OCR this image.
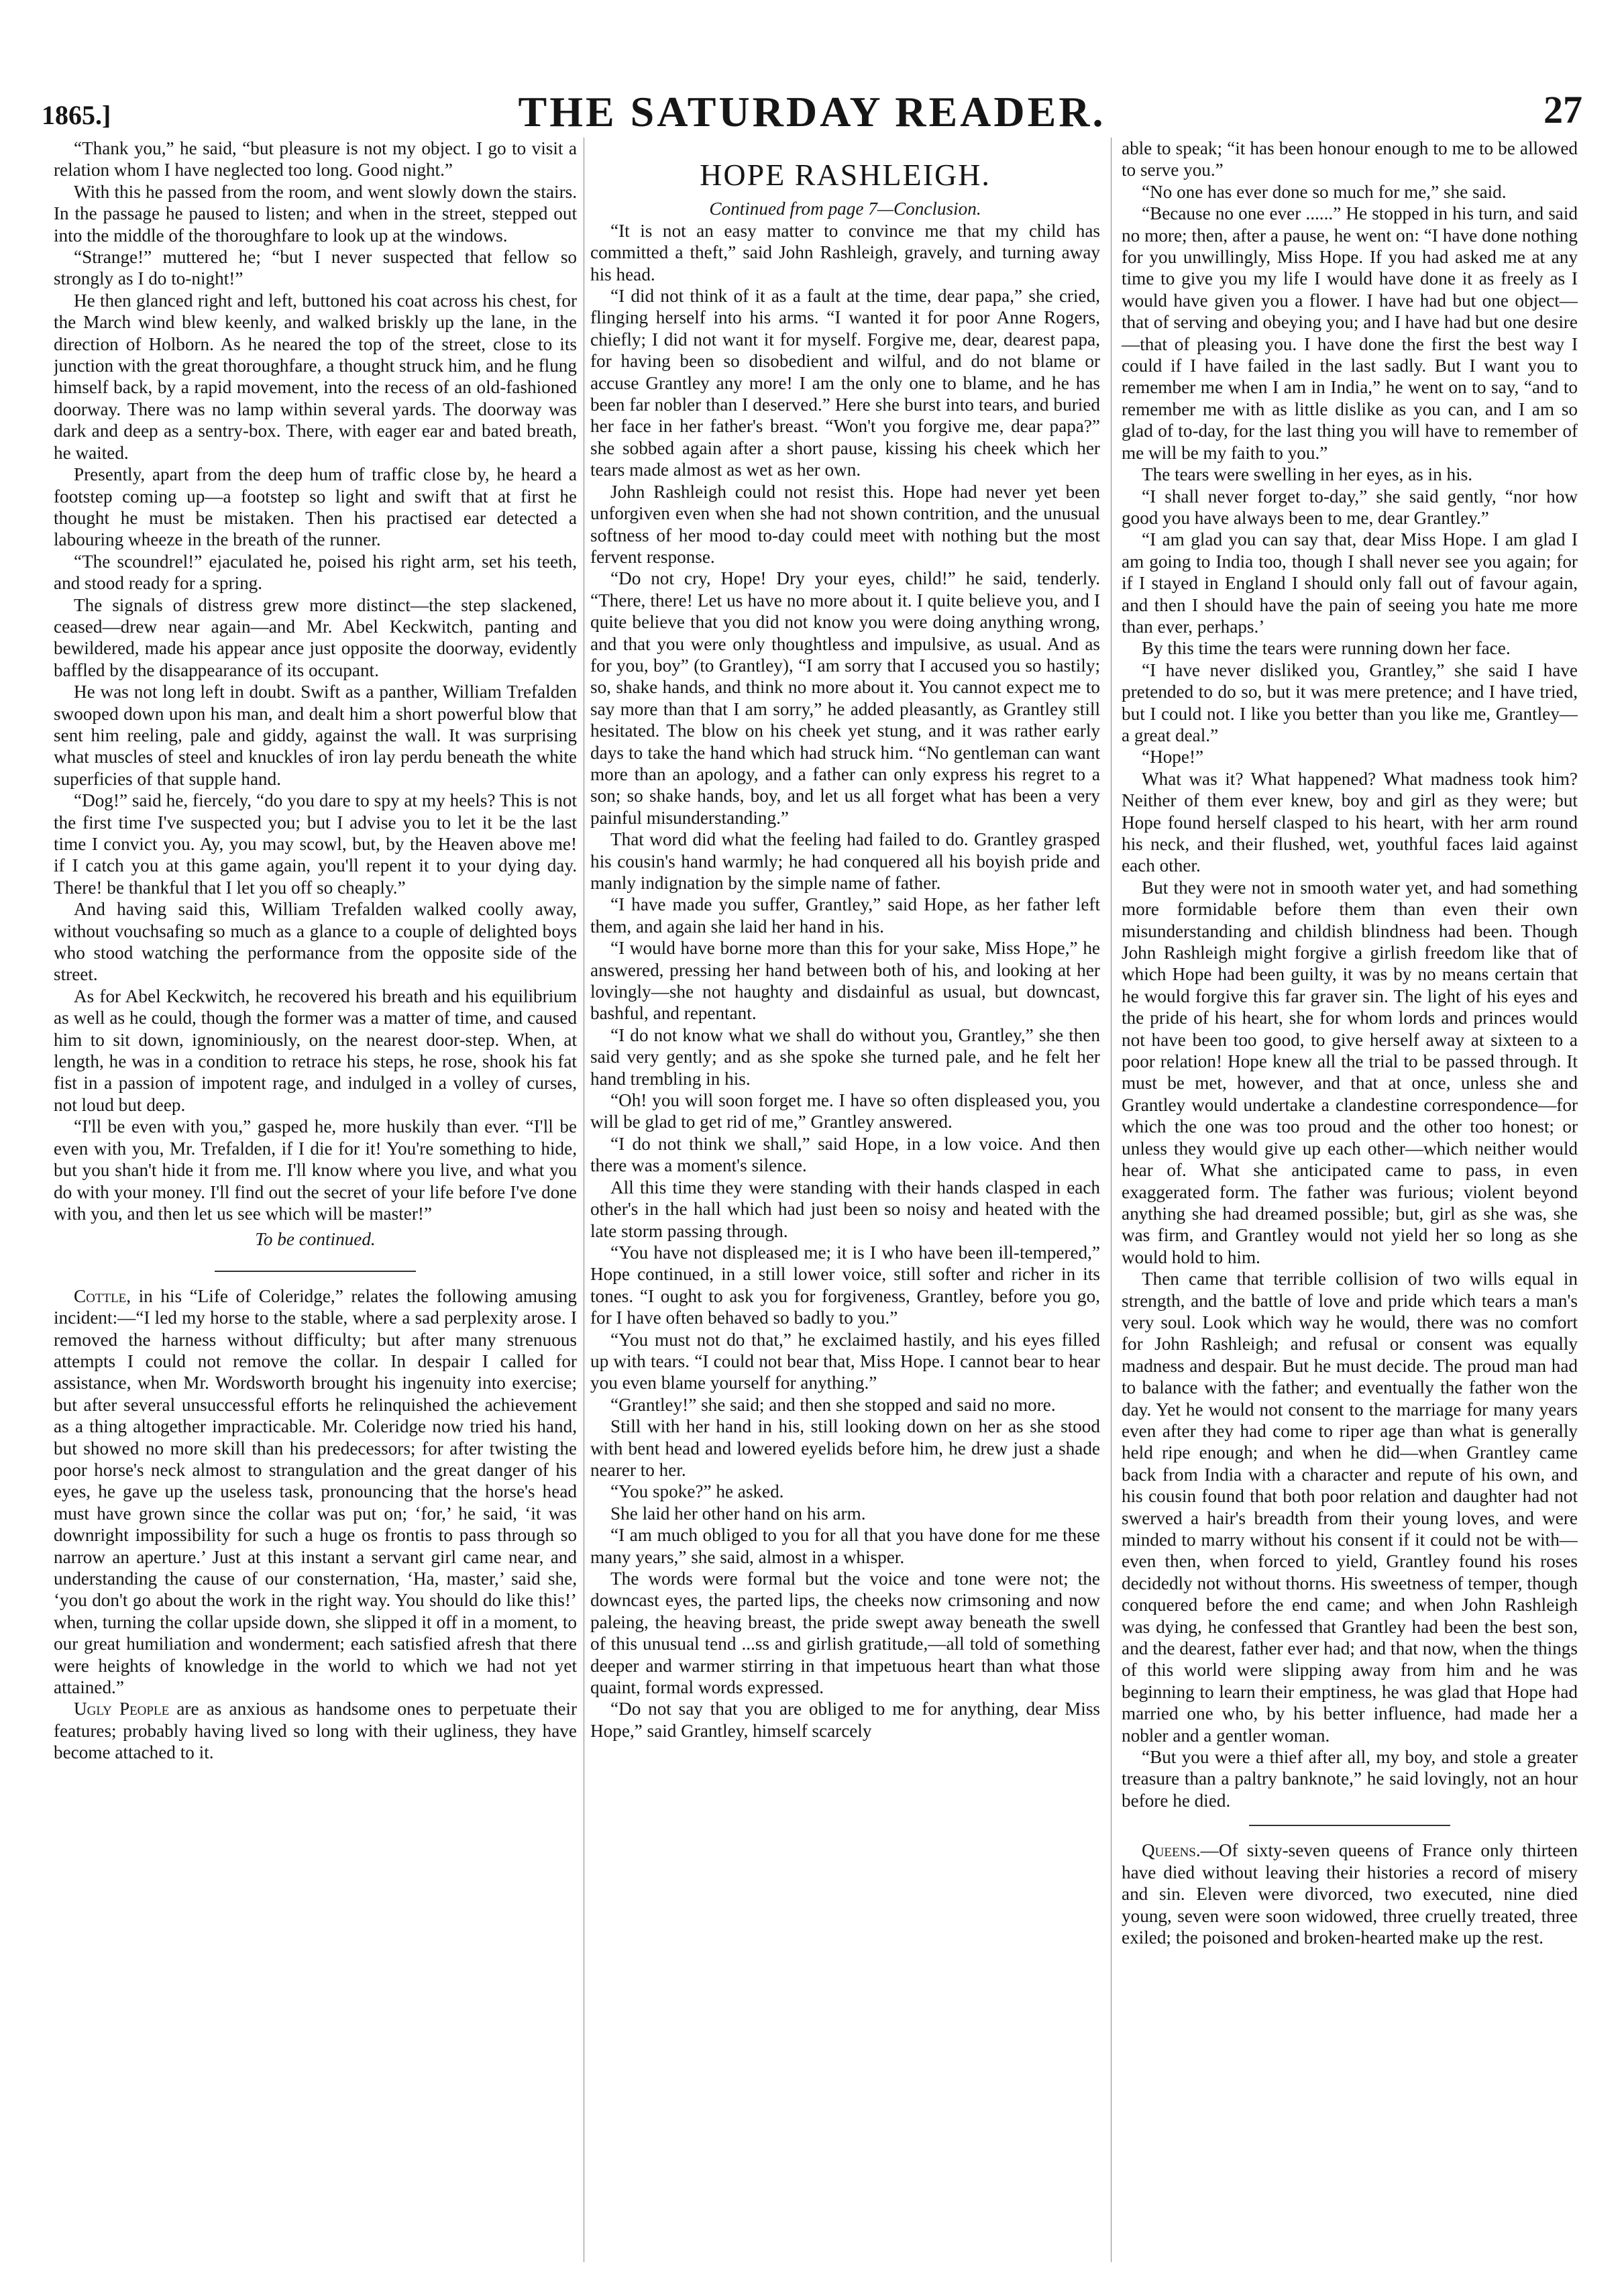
1865.]	THE SATURDAY READER.	27

“Thank you,” he said, “but pleasure is not my object. I go to visit a relation whom I have neglected too long. Good night.”

With this he passed from the room, and went slowly down the stairs. In the passage he paused to listen; and when in the street, stepped out into the middle of the thoroughfare to look up at the windows.

“Strange!” muttered he; “but I never suspected that fellow so strongly as I do to-night!”

He then glanced right and left, buttoned his coat across his chest, for the March wind blew keenly, and walked briskly up the lane, in the direction of Holborn. As he neared the top of the street, close to its junction with the great thoroughfare, a thought struck him, and he flung himself back, by a rapid movement, into the recess of an old-fashioned doorway. There was no lamp within several yards. The doorway was dark and deep as a sentry-box. There, with eager ear and bated breath, he waited.

Presently, apart from the deep hum of traffic close by, he heard a footstep coming up—a footstep so light and swift that at first he thought he must be mistaken. Then his practised ear detected a labouring wheeze in the breath of the runner.

“The scoundrel!” ejaculated he, poised his right arm, set his teeth, and stood ready for a spring.

The signals of distress grew more distinct—the step slackened, ceased—drew near again—and Mr. Abel Keckwitch, panting and bewildered, made his appear ance just opposite the doorway, evidently baffled by the disappearance of its occupant.

He was not long left in doubt. Swift as a panther, William Trefalden swooped down upon his man, and dealt him a short powerful blow that sent him reeling, pale and giddy, against the wall. It was surprising what muscles of steel and knuckles of iron lay perdu beneath the white superficies of that supple hand.

“Dog!” said he, fiercely, “do you dare to spy at my heels? This is not the first time I've suspected you; but I advise you to let it be the last time I convict you. Ay, you may scowl, but, by the Heaven above me! if I catch you at this game again, you'll repent it to your dying day. There! be thankful that I let you off so cheaply.”

And having said this, William Trefalden walked coolly away, without vouchsafing so much as a glance to a couple of delighted boys who stood watching the performance from the opposite side of the street.

As for Abel Keckwitch, he recovered his breath and his equilibrium as well as he could, though the former was a matter of time, and caused him to sit down, ignominiously, on the nearest door-step. When, at length, he was in a condition to retrace his steps, he rose, shook his fat fist in a passion of impotent rage, and indulged in a volley of curses, not loud but deep.

“I'll be even with you,” gasped he, more huskily than ever. “I'll be even with you, Mr. Trefalden, if I die for it! You're something to hide, but you shan't hide it from me. I'll know where you live, and what you do with your money. I'll find out the secret of your life before I've done with you, and then let us see which will be master!”

To be continued.

Cottle, in his “Life of Coleridge,” relates the following amusing incident:—“I led my horse to the stable, where a sad perplexity arose. I removed the harness without difficulty; but after many strenuous attempts I could not remove the collar. In despair I called for assistance, when Mr. Wordsworth brought his ingenuity into exercise; but after several unsuccessful efforts he relinquished the achievement as a thing altogether impracticable. Mr. Coleridge now tried his hand, but showed no more skill than his predecessors; for after twisting the poor horse's neck almost to strangulation and the great danger of his eyes, he gave up the useless task, pronouncing that the horse's head must have grown since the collar was put on; ‘for,’ he said, ‘it was downright impossibility for such a huge os frontis to pass through so narrow an aperture.’ Just at this instant a servant girl came near, and understanding the cause of our consternation, ‘Ha, master,’ said she, ‘you don't go about the work in the right way. You should do like this!’ when, turning the collar upside down, she slipped it off in a moment, to our great humiliation and wonderment; each satisfied afresh that there were heights of knowledge in the world to which we had not yet attained.”

Ugly People are as anxious as handsome ones to perpetuate their features; probably having lived so long with their ugliness, they have become attached to it.

HOPE RASHLEIGH.

Continued from page 7—Conclusion.

“It is not an easy matter to convince me that my child has committed a theft,” said John Rashleigh, gravely, and turning away his head.

“I did not think of it as a fault at the time, dear papa,” she cried, flinging herself into his arms. “I wanted it for poor Anne Rogers, chiefly; I did not want it for myself. Forgive me, dear, dearest papa, for having been so disobedient and wilful, and do not blame or accuse Grantley any more! I am the only one to blame, and he has been far nobler than I deserved.” Here she burst into tears, and buried her face in her father's breast. “Won't you forgive me, dear papa?” she sobbed again after a short pause, kissing his cheek which her tears made almost as wet as her own.

John Rashleigh could not resist this. Hope had never yet been unforgiven even when she had not shown contrition, and the unusual softness of her mood to-day could meet with nothing but the most fervent response.

“Do not cry, Hope! Dry your eyes, child!” he said, tenderly. “There, there! Let us have no more about it. I quite believe you, and I quite believe that you did not know you were doing anything wrong, and that you were only thoughtless and impulsive, as usual. And as for you, boy” (to Grantley), “I am sorry that I accused you so hastily; so, shake hands, and think no more about it. You cannot expect me to say more than that I am sorry,” he added pleasantly, as Grantley still hesitated. The blow on his cheek yet stung, and it was rather early days to take the hand which had struck him. “No gentleman can want more than an apology, and a father can only express his regret to a son; so shake hands, boy, and let us all forget what has been a very painful misunderstanding.”

That word did what the feeling had failed to do. Grantley grasped his cousin's hand warmly; he had conquered all his boyish pride and manly indignation by the simple name of father.

“I have made you suffer, Grantley,” said Hope, as her father left them, and again she laid her hand in his.

“I would have borne more than this for your sake, Miss Hope,” he answered, pressing her hand between both of his, and looking at her lovingly—she not haughty and disdainful as usual, but downcast, bashful, and repentant.

“I do not know what we shall do without you, Grantley,” she then said very gently; and as she spoke she turned pale, and he felt her hand trembling in his.

“Oh! you will soon forget me. I have so often displeased you, you will be glad to get rid of me,” Grantley answered.

“I do not think we shall,” said Hope, in a low voice. And then there was a moment's silence.

All this time they were standing with their hands clasped in each other's in the hall which had just been so noisy and heated with the late storm passing through.

“You have not displeased me; it is I who have been ill-tempered,” Hope continued, in a still lower voice, still softer and richer in its tones. “I ought to ask you for forgiveness, Grantley, before you go, for I have often behaved so badly to you.”

“You must not do that,” he exclaimed hastily, and his eyes filled up with tears. “I could not bear that, Miss Hope. I cannot bear to hear you even blame yourself for anything.”

“Grantley!” she said; and then she stopped and said no more.

Still with her hand in his, still looking down on her as she stood with bent head and lowered eyelids before him, he drew just a shade nearer to her.

“You spoke?” he asked.

She laid her other hand on his arm.

“I am much obliged to you for all that you have done for me these many years,” she said, almost in a whisper.

The words were formal but the voice and tone were not; the downcast eyes, the parted lips, the cheeks now crimsoning and now paleing, the heaving breast, the pride swept away beneath the swell of this unusual tend ...ss and girlish gratitude,—all told of something deeper and warmer stirring in that impetuous heart than what those quaint, formal words expressed.

“Do not say that you are obliged to me for anything, dear Miss Hope,” said Grantley, himself scarcely

able to speak; “it has been honour enough to me to be allowed to serve you.”

“No one has ever done so much for me,” she said.

“Because no one ever ......” He stopped in his turn, and said no more; then, after a pause, he went on: “I have done nothing for you unwillingly, Miss Hope. If you had asked me at any time to give you my life I would have done it as freely as I would have given you a flower. I have had but one object—that of serving and obeying you; and I have had but one desire—that of pleasing you. I have done the first the best way I could if I have failed in the last sadly. But I want you to remember me when I am in India,” he went on to say, “and to remember me with as little dislike as you can, and I am so glad of to-day, for the last thing you will have to remember of me will be my faith to you.”

The tears were swelling in her eyes, as in his.

“I shall never forget to-day,” she said gently, “nor how good you have always been to me, dear Grantley.”

“I am glad you can say that, dear Miss Hope. I am glad I am going to India too, though I shall never see you again; for if I stayed in England I should only fall out of favour again, and then I should have the pain of seeing you hate me more than ever, perhaps.’

By this time the tears were running down her face.

“I have never disliked you, Grantley,” she said I have pretended to do so, but it was mere pretence; and I have tried, but I could not. I like you better than you like me, Grantley—a great deal.”

“Hope!”

What was it? What happened? What madness took him? Neither of them ever knew, boy and girl as they were; but Hope found herself clasped to his heart, with her arm round his neck, and their flushed, wet, youthful faces laid against each other.

But they were not in smooth water yet, and had something more formidable before them than even their own misunderstanding and childish blindness had been. Though John Rashleigh might forgive a girlish freedom like that of which Hope had been guilty, it was by no means certain that he would forgive this far graver sin. The light of his eyes and the pride of his heart, she for whom lords and princes would not have been too good, to give herself away at sixteen to a poor relation! Hope knew all the trial to be passed through. It must be met, however, and that at once, unless she and Grantley would undertake a clandestine correspondence—for which the one was too proud and the other too honest; or unless they would give up each other—which neither would hear of. What she anticipated came to pass, in even exaggerated form. The father was furious; violent beyond anything she had dreamed possible; but, girl as she was, she was firm, and Grantley would not yield her so long as she would hold to him.

Then came that terrible collision of two wills equal in strength, and the battle of love and pride which tears a man's very soul. Look which way he would, there was no comfort for John Rashleigh; and refusal or consent was equally madness and despair. But he must decide. The proud man had to balance with the father; and eventually the father won the day. Yet he would not consent to the marriage for many years even after they had come to riper age than what is generally held ripe enough; and when he did—when Grantley came back from India with a character and repute of his own, and his cousin found that both poor relation and daughter had not swerved a hair's breadth from their young loves, and were minded to marry without his consent if it could not be with—even then, when forced to yield, Grantley found his roses decidedly not without thorns. His sweetness of temper, though conquered before the end came; and when John Rashleigh was dying, he confessed that Grantley had been the best son, and the dearest, father ever had; and that now, when the things of this world were slipping away from him and he was beginning to learn their emptiness, he was glad that Hope had married one who, by his better influence, had made her a nobler and a gentler woman.

“But you were a thief after all, my boy, and stole a greater treasure than a paltry banknote,” he said lovingly, not an hour before he died.

Queens.—Of sixty-seven queens of France only thirteen have died without leaving their histories a record of misery and sin. Eleven were divorced, two executed, nine died young, seven were soon widowed, three cruelly treated, three exiled; the poisoned and broken-hearted make up the rest.
